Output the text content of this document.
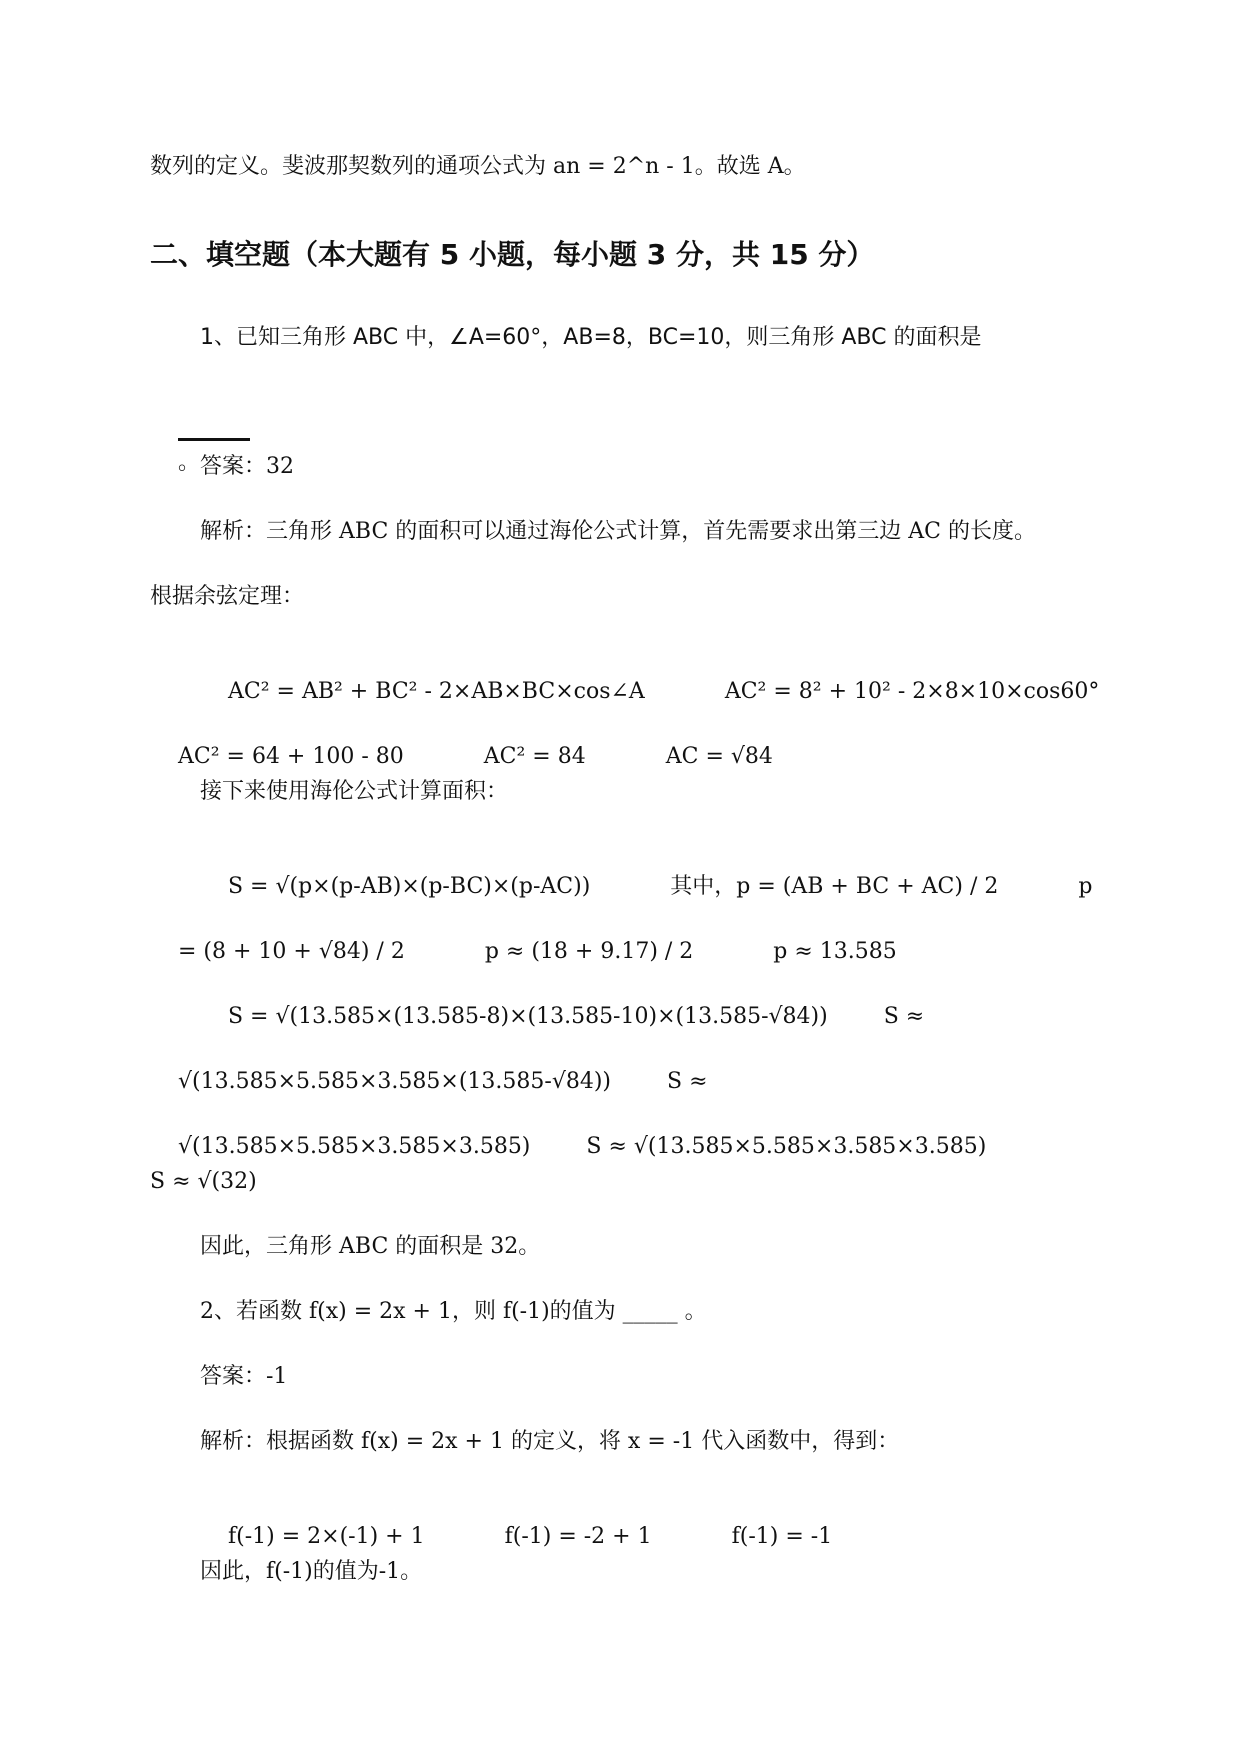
数列的定义。斐波那契数列的通项公式为 an = 2^n - 1。故选 A。
二、填空题（本大题有 5 小题，每小题 3 分，共 15 分）
1、已知三角形 ABC 中，∠A=60°，AB=8，BC=10，则三角形 ABC 的面积是

。
答案：32
解析：三角形 ABC 的面积可以通过海伦公式计算，首先需要求出第三边 AC 的长度。
根据余弦定理：

AC² = AB² + BC² - 2×AB×BC×cos∠A	AC² = 8² + 10² - 2×8×10×cos60°

AC² = 64 + 100 - 80	AC² = 84	AC = √84

接下来使用海伦公式计算面积：

S = √(p×(p-AB)×(p-BC)×(p-AC))	其中，p = (AB + BC + AC) / 2	p

= (8 + 10 + √84) / 2	p ≈ (18 + 9.17) / 2	p ≈ 13.585

S = √(13.585×(13.585-8)×(13.585-10)×(13.585-√84))	S ≈

√(13.585×5.585×3.585×(13.585-√84))	S ≈

√(13.585×5.585×3.585×3.585)	S ≈ √(13.585×5.585×3.585×3.585)

S ≈ √(32)
因此，三角形 ABC 的面积是 32。
2、若函数 f(x) = 2x + 1，则 f(-1)的值为 _____ 。
答案：-1
解析：根据函数 f(x) = 2x + 1 的定义，将 x = -1 代入函数中，得到：

f(-1) = 2×(-1) + 1	f(-1) = -2 + 1	f(-1) = -1

因此，f(-1)的值为-1。
